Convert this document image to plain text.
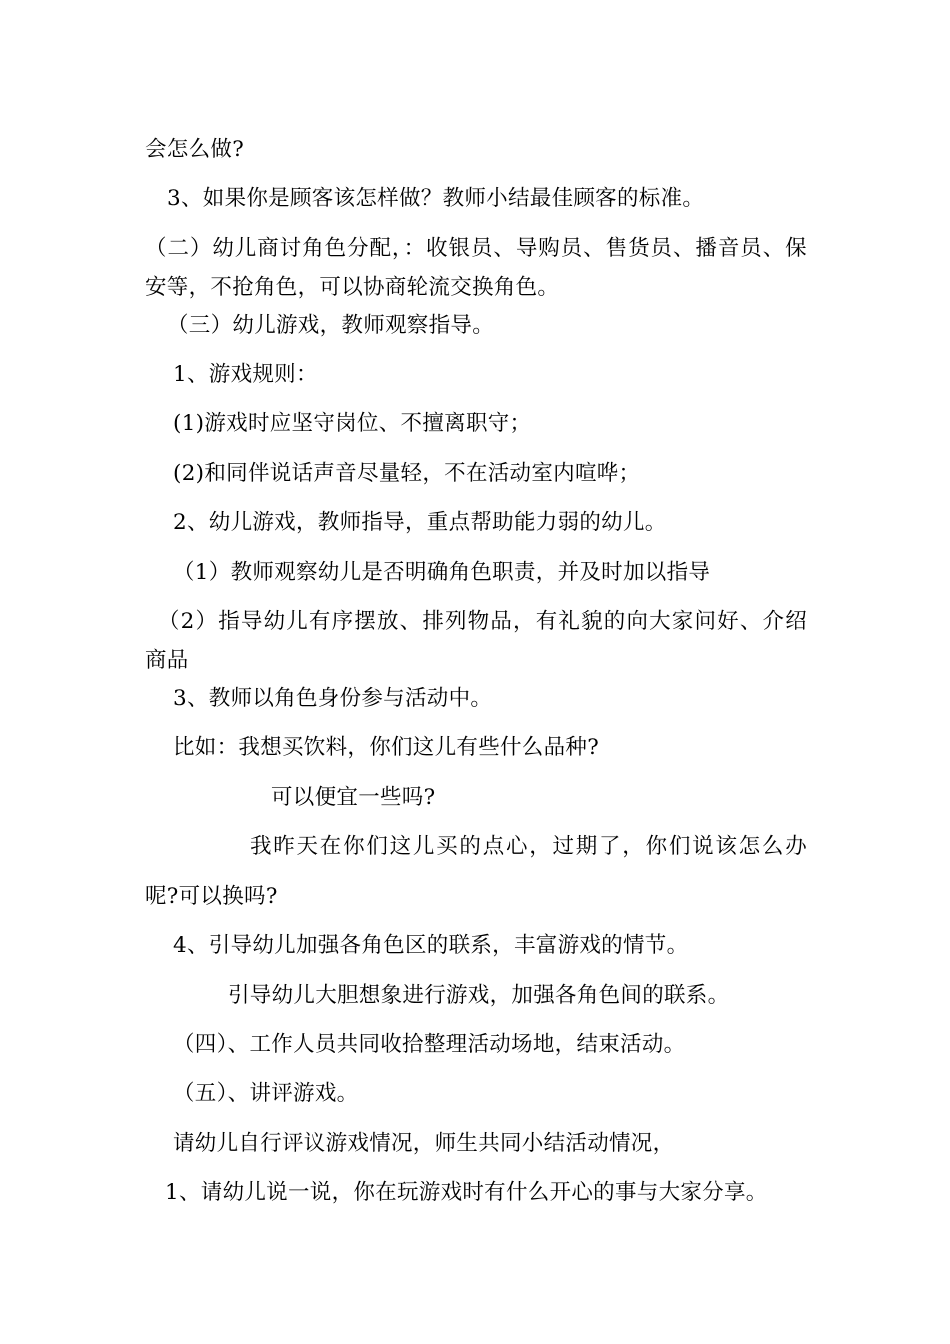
会怎么做?
3、如果你是顾客该怎样做？教师小结最佳顾客的标准。
（二）幼儿商讨角色分配，：收银员、导购员、售货员、播音员、保
安等，不抢角色，可以协商轮流交换角色。
（三）幼儿游戏，教师观察指导。
1、游戏规则：
(1)游戏时应坚守岗位、不擅离职守；
(2)和同伴说话声音尽量轻，不在活动室内喧哗；
2、幼儿游戏，教师指导，重点帮助能力弱的幼儿。
（1）教师观察幼儿是否明确角色职责，并及时加以指导
（2）指导幼儿有序摆放、排列物品，有礼貌的向大家问好、介绍
商品
3、教师以角色身份参与活动中。
比如：我想买饮料，你们这儿有些什么品种?
可以便宜一些吗?
我昨天在你们这儿买的点心，过期了，你们说该怎么办
呢?可以换吗?
4、引导幼儿加强各角色区的联系，丰富游戏的情节。
引导幼儿大胆想象进行游戏，加强各角色间的联系。
（四）、工作人员共同收拾整理活动场地，结束活动。
（五）、讲评游戏。
请幼儿自行评议游戏情况，师生共同小结活动情况，
1、请幼儿说一说，你在玩游戏时有什么开心的事与大家分享。
